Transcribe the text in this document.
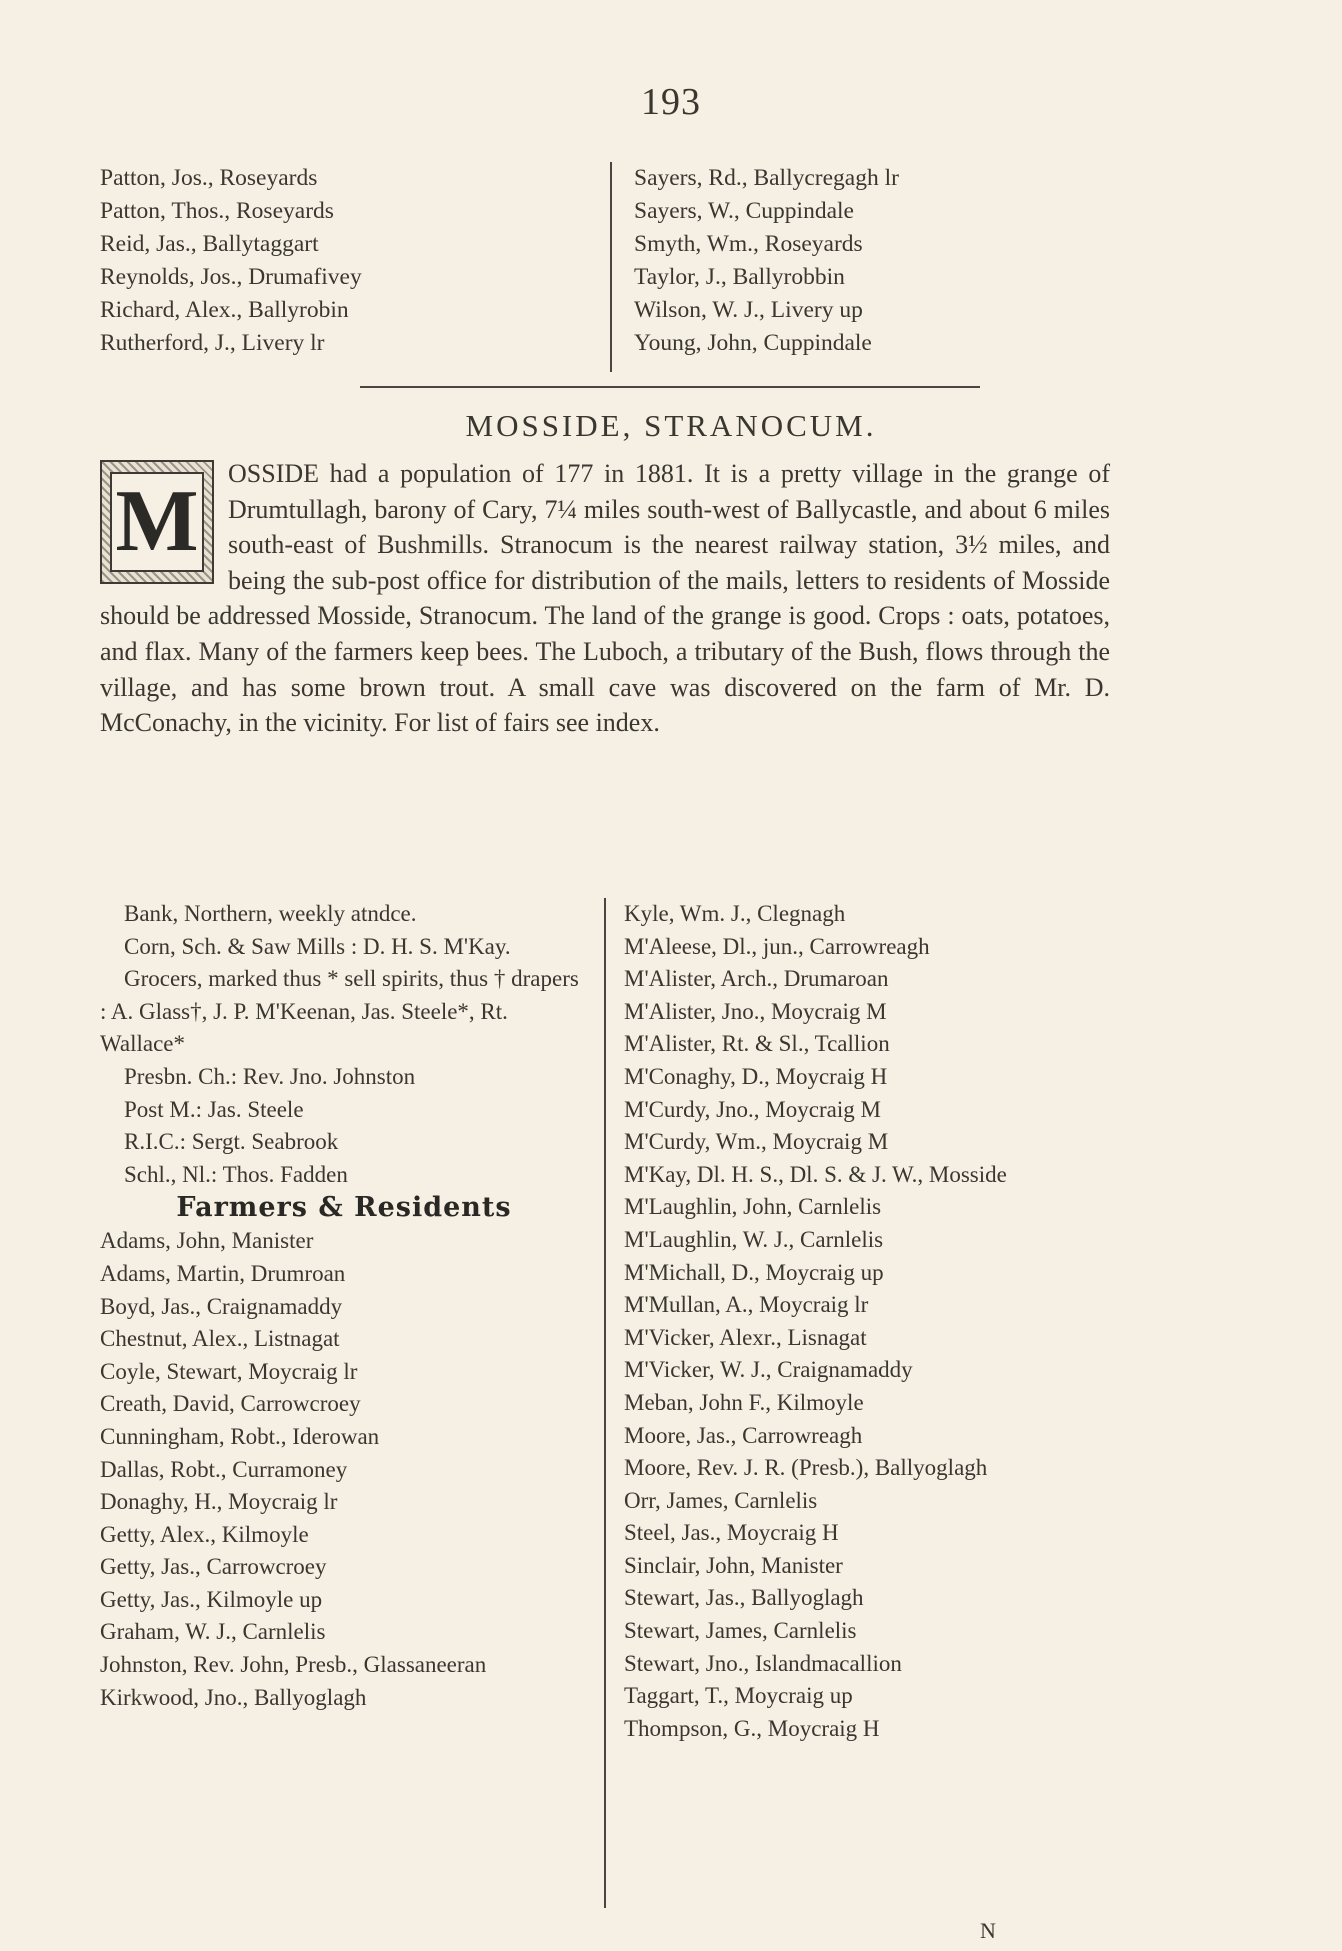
193
Patton, Jos., Roseyards
Patton, Thos., Roseyards
Reid, Jas., Ballytaggart
Reynolds, Jos., Drumafivey
Richard, Alex., Ballyrobin
Rutherford, J., Livery lr
Sayers, Rd., Ballycregagh lr
Sayers, W., Cuppindale
Smyth, Wm., Roseyards
Taylor, J., Ballyrobbin
Wilson, W. J., Livery up
Young, John, Cuppindale
MOSSIDE, STRANOCUM.
M OSSIDE had a population of 177 in 1881. It is a pretty village in the grange of Drumtullagh, barony of Cary, 7¼ miles south-west of Ballycastle, and about 6 miles south-east of Bushmills. Stranocum is the nearest railway station, 3½ miles, and being the sub-post office for distribution of the mails, letters to residents of Mosside should be addressed Mosside, Stranocum. The land of the grange is good. Crops : oats, potatoes, and flax. Many of the farmers keep bees. The Luboch, a tributary of the Bush, flows through the village, and has some brown trout. A small cave was discovered on the farm of Mr. D. McConachy, in the vicinity. For list of fairs see index.
Bank, Northern, weekly atndce.
Corn, Sch. & Saw Mills : D. H. S. M'Kay.
Grocers, marked thus * sell spirits, thus † drapers : A. Glass†, J. P. M'Keenan, Jas. Steele*, Rt. Wallace*
Presbn. Ch.: Rev. Jno. Johnston
Post M.: Jas. Steele
R.I.C.: Sergt. Seabrook
Schl., Nl.: Thos. Fadden
Farmers & Residents
Adams, John, Manister
Adams, Martin, Drumroan
Boyd, Jas., Craignamaddy
Chestnut, Alex., Listnagat
Coyle, Stewart, Moycraig lr
Creath, David, Carrowcroey
Cunningham, Robt., Iderowan
Dallas, Robt., Curramoney
Donaghy, H., Moycraig lr
Getty, Alex., Kilmoyle
Getty, Jas., Carrowcroey
Getty, Jas., Kilmoyle up
Graham, W. J., Carnlelis
Johnston, Rev. John, Presb., Glassaneeran
Kirkwood, Jno., Ballyoglagh
Kyle, Wm. J., Clegnagh
M'Aleese, Dl., jun., Carrowreagh
M'Alister, Arch., Drumaroan
M'Alister, Jno., Moycraig M
M'Alister, Rt. & Sl., Tcallion
M'Conaghy, D., Moycraig H
M'Curdy, Jno., Moycraig M
M'Curdy, Wm., Moycraig M
M'Kay, Dl. H. S., Dl. S. & J. W., Mosside
M'Laughlin, John, Carnlelis
M'Laughlin, W. J., Carnlelis
M'Michall, D., Moycraig up
M'Mullan, A., Moycraig lr
M'Vicker, Alexr., Lisnagat
M'Vicker, W. J., Craignamaddy
Meban, John F., Kilmoyle
Moore, Jas., Carrowreagh
Moore, Rev. J. R. (Presb.), Ballyoglagh
Orr, James, Carnlelis
Steel, Jas., Moycraig H
Sinclair, John, Manister
Stewart, Jas., Ballyoglagh
Stewart, James, Carnlelis
Stewart, Jno., Islandmacallion
Taggart, T., Moycraig up
Thompson, G., Moycraig H
N
